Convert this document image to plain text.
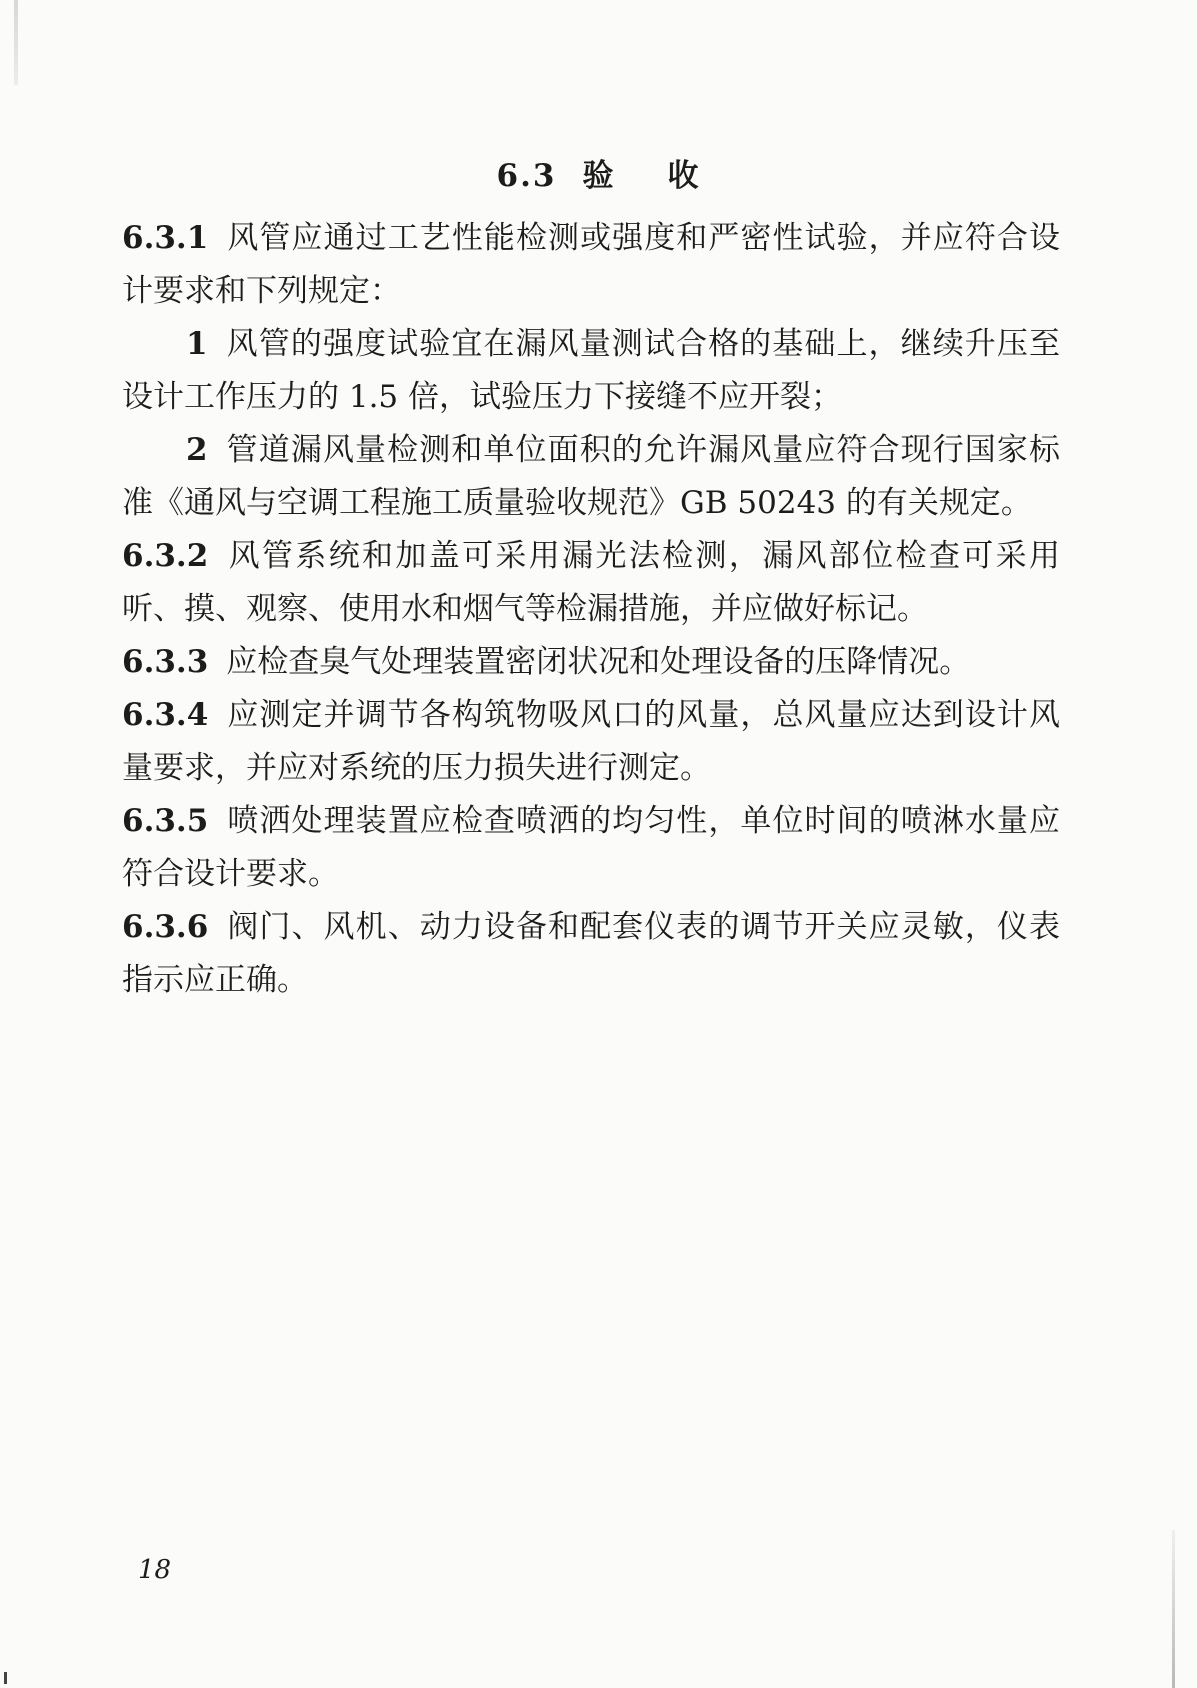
6.3 验 收

6.3.1 风管应通过工艺性能检测或强度和严密性试验，并应符合设计要求和下列规定：

1 风管的强度试验宜在漏风量测试合格的基础上，继续升压至设计工作压力的 1.5 倍，试验压力下接缝不应开裂；

2 管道漏风量检测和单位面积的允许漏风量应符合现行国家标准《通风与空调工程施工质量验收规范》GB 50243 的有关规定。

6.3.2 风管系统和加盖可采用漏光法检测，漏风部位检查可采用听、摸、观察、使用水和烟气等检漏措施，并应做好标记。

6.3.3 应检查臭气处理装置密闭状况和处理设备的压降情况。

6.3.4 应测定并调节各构筑物吸风口的风量，总风量应达到设计风量要求，并应对系统的压力损失进行测定。

6.3.5 喷洒处理装置应检查喷洒的均匀性，单位时间的喷淋水量应符合设计要求。

6.3.6 阀门、风机、动力设备和配套仪表的调节开关应灵敏，仪表指示应正确。

18
